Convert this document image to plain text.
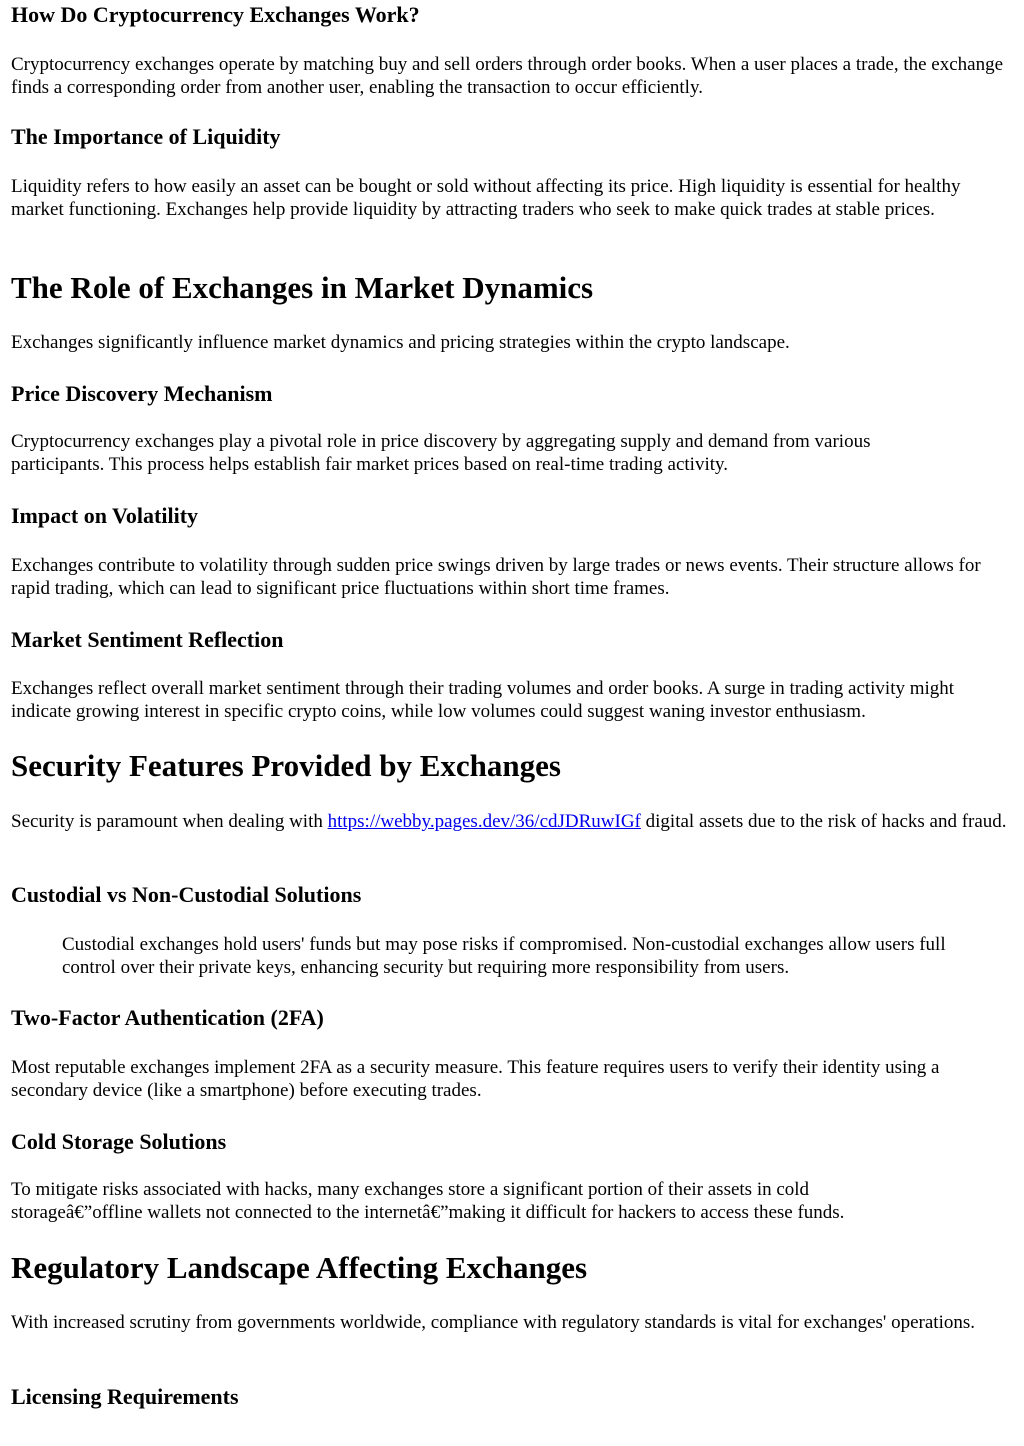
How Do Cryptocurrency Exchanges Work?

Cryptocurrency exchanges operate by matching buy and sell orders through order books. When a user places a trade, the exchange finds a corresponding order from another user, enabling the transaction to occur efficiently.

The Importance of Liquidity

Liquidity refers to how easily an asset can be bought or sold without affecting its price. High liquidity is essential for healthy market functioning. Exchanges help provide liquidity by attracting traders who seek to make quick trades at stable prices.

The Role of Exchanges in Market Dynamics

Exchanges significantly influence market dynamics and pricing strategies within the crypto landscape.

Price Discovery Mechanism

Cryptocurrency exchanges play a pivotal role in price discovery by aggregating supply and demand from various participants. This process helps establish fair market prices based on real-time trading activity.

Impact on Volatility

Exchanges contribute to volatility through sudden price swings driven by large trades or news events. Their structure allows for rapid trading, which can lead to significant price fluctuations within short time frames.

Market Sentiment Reflection

Exchanges reflect overall market sentiment through their trading volumes and order books. A surge in trading activity might indicate growing interest in specific crypto coins, while low volumes could suggest waning investor enthusiasm.

Security Features Provided by Exchanges

Security is paramount when dealing with https://webby.pages.dev/36/cdJDRuwIGf digital assets due to the risk of hacks and fraud.

Custodial vs Non-Custodial Solutions
Custodial exchanges hold users' funds but may pose risks if compromised. Non-custodial exchanges allow users full control over their private keys, enhancing security but requiring more responsibility from users.
Two-Factor Authentication (2FA)

Most reputable exchanges implement 2FA as a security measure. This feature requires users to verify their identity using a secondary device (like a smartphone) before executing trades.

Cold Storage Solutions

To mitigate risks associated with hacks, many exchanges store a significant portion of their assets in cold storageâ€”offline wallets not connected to the internetâ€”making it difficult for hackers to access these funds.

Regulatory Landscape Affecting Exchanges

With increased scrutiny from governments worldwide, compliance with regulatory standards is vital for exchanges' operations.

Licensing Requirements
